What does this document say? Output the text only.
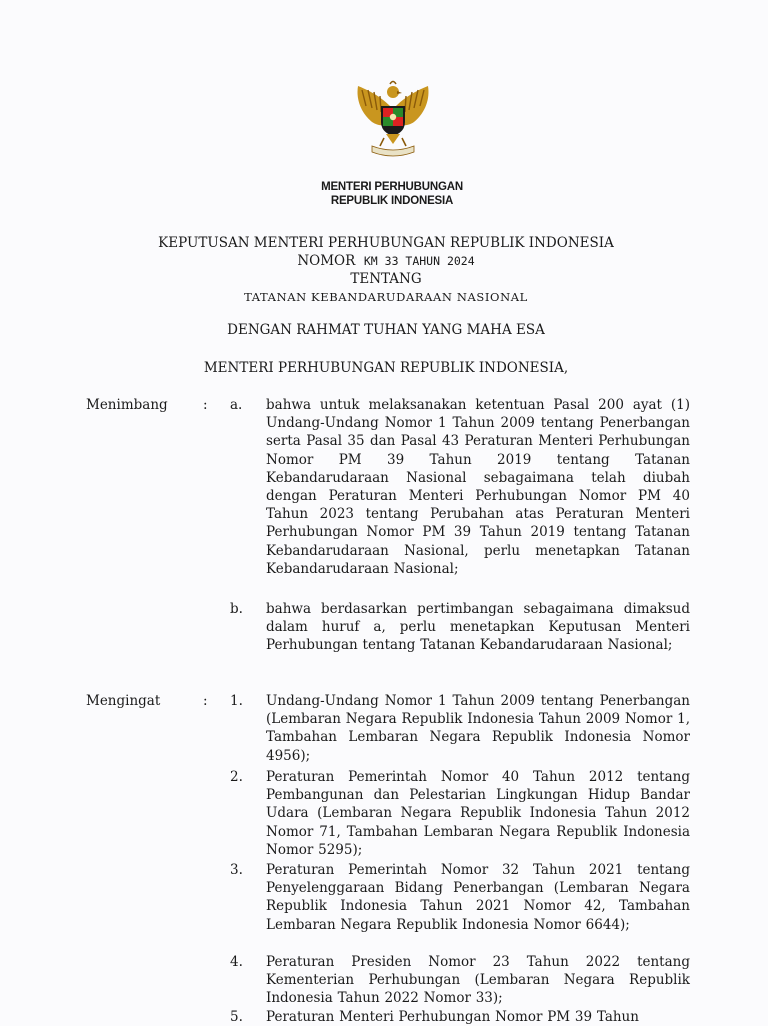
MENTERI PERHUBUNGAN
REPUBLIK INDONESIA
KEPUTUSAN MENTERI PERHUBUNGAN REPUBLIK INDONESIA
NOMOR KM 33 TAHUN 2024
TENTANG
TATANAN KEBANDARUDARAAN NASIONAL
DENGAN RAHMAT TUHAN YANG MAHA ESA
MENTERI PERHUBUNGAN REPUBLIK INDONESIA,
Menimbang	: a. bahwa untuk melaksanakan ketentuan Pasal 200 ayat (1) Undang-Undang Nomor 1 Tahun 2009 tentang Penerbangan serta Pasal 35 dan Pasal 43 Peraturan Menteri Perhubungan Nomor PM 39 Tahun 2019 tentang Tatanan Kebandarudaraan Nasional sebagaimana telah diubah dengan Peraturan Menteri Perhubungan Nomor PM 40 Tahun 2023 tentang Perubahan atas Peraturan Menteri Perhubungan Nomor PM 39 Tahun 2019 tentang Tatanan Kebandarudaraan Nasional, perlu menetapkan Tatanan Kebandarudaraan Nasional;
b. bahwa berdasarkan pertimbangan sebagaimana dimaksud dalam huruf a, perlu menetapkan Keputusan Menteri Perhubungan tentang Tatanan Kebandarudaraan Nasional;
Mengingat	: 1. Undang-Undang Nomor 1 Tahun 2009 tentang Penerbangan (Lembaran Negara Republik Indonesia Tahun 2009 Nomor 1, Tambahan Lembaran Negara Republik Indonesia Nomor 4956);
2. Peraturan Pemerintah Nomor 40 Tahun 2012 tentang Pembangunan dan Pelestarian Lingkungan Hidup Bandar Udara (Lembaran Negara Republik Indonesia Tahun 2012 Nomor 71, Tambahan Lembaran Negara Republik Indonesia Nomor 5295);
3. Peraturan Pemerintah Nomor 32 Tahun 2021 tentang Penyelenggaraan Bidang Penerbangan (Lembaran Negara Republik Indonesia Tahun 2021 Nomor 42, Tambahan Lembaran Negara Republik Indonesia Nomor 6644);
4. Peraturan Presiden Nomor 23 Tahun 2022 tentang Kementerian Perhubungan (Lembaran Negara Republik Indonesia Tahun 2022 Nomor 33);
5. Peraturan Menteri Perhubungan Nomor PM 39 Tahun
